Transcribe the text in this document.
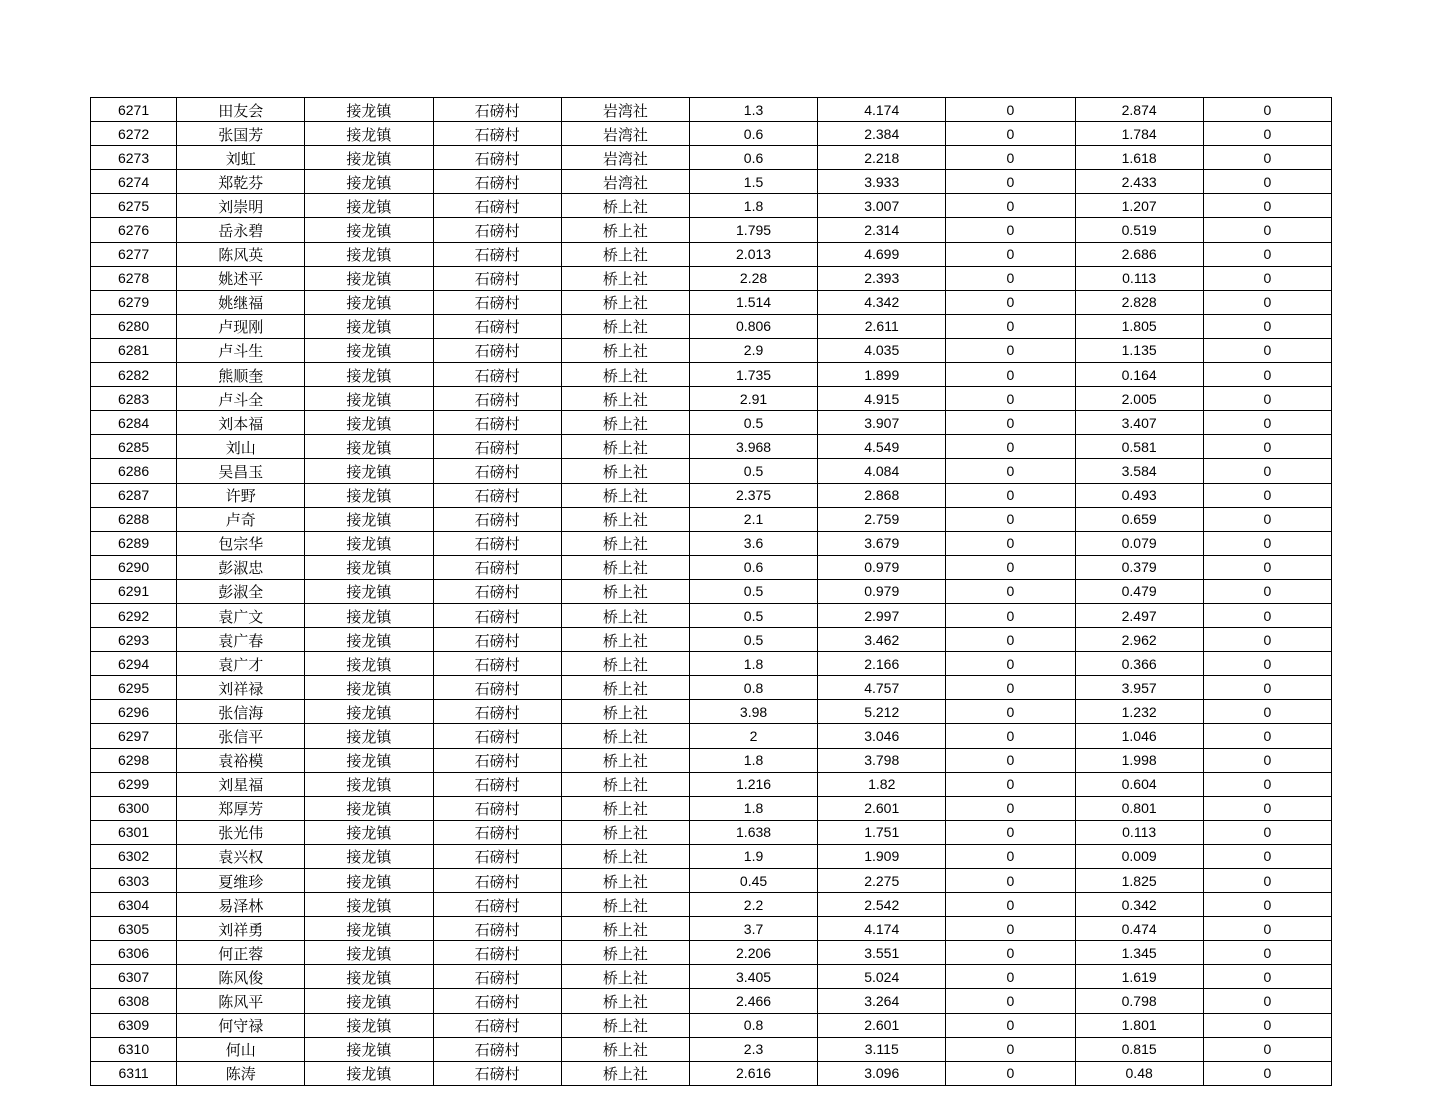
6271	田友会	接龙镇	石磅村	岩湾社	1.3	4.174	0	2.874	0
6272	张国芳	接龙镇	石磅村	岩湾社	0.6	2.384	0	1.784	0
6273	刘虹	接龙镇	石磅村	岩湾社	0.6	2.218	0	1.618	0
6274	郑乾芬	接龙镇	石磅村	岩湾社	1.5	3.933	0	2.433	0
6275	刘崇明	接龙镇	石磅村	桥上社	1.8	3.007	0	1.207	0
6276	岳永碧	接龙镇	石磅村	桥上社	1.795	2.314	0	0.519	0
6277	陈风英	接龙镇	石磅村	桥上社	2.013	4.699	0	2.686	0
6278	姚述平	接龙镇	石磅村	桥上社	2.28	2.393	0	0.113	0
6279	姚继福	接龙镇	石磅村	桥上社	1.514	4.342	0	2.828	0
6280	卢现刚	接龙镇	石磅村	桥上社	0.806	2.611	0	1.805	0
6281	卢斗生	接龙镇	石磅村	桥上社	2.9	4.035	0	1.135	0
6282	熊顺奎	接龙镇	石磅村	桥上社	1.735	1.899	0	0.164	0
6283	卢斗全	接龙镇	石磅村	桥上社	2.91	4.915	0	2.005	0
6284	刘本福	接龙镇	石磅村	桥上社	0.5	3.907	0	3.407	0
6285	刘山	接龙镇	石磅村	桥上社	3.968	4.549	0	0.581	0
6286	吴昌玉	接龙镇	石磅村	桥上社	0.5	4.084	0	3.584	0
6287	许野	接龙镇	石磅村	桥上社	2.375	2.868	0	0.493	0
6288	卢奇	接龙镇	石磅村	桥上社	2.1	2.759	0	0.659	0
6289	包宗华	接龙镇	石磅村	桥上社	3.6	3.679	0	0.079	0
6290	彭淑忠	接龙镇	石磅村	桥上社	0.6	0.979	0	0.379	0
6291	彭淑全	接龙镇	石磅村	桥上社	0.5	0.979	0	0.479	0
6292	袁广文	接龙镇	石磅村	桥上社	0.5	2.997	0	2.497	0
6293	袁广春	接龙镇	石磅村	桥上社	0.5	3.462	0	2.962	0
6294	袁广才	接龙镇	石磅村	桥上社	1.8	2.166	0	0.366	0
6295	刘祥禄	接龙镇	石磅村	桥上社	0.8	4.757	0	3.957	0
6296	张信海	接龙镇	石磅村	桥上社	3.98	5.212	0	1.232	0
6297	张信平	接龙镇	石磅村	桥上社	2	3.046	0	1.046	0
6298	袁裕模	接龙镇	石磅村	桥上社	1.8	3.798	0	1.998	0
6299	刘星福	接龙镇	石磅村	桥上社	1.216	1.82	0	0.604	0
6300	郑厚芳	接龙镇	石磅村	桥上社	1.8	2.601	0	0.801	0
6301	张光伟	接龙镇	石磅村	桥上社	1.638	1.751	0	0.113	0
6302	袁兴权	接龙镇	石磅村	桥上社	1.9	1.909	0	0.009	0
6303	夏维珍	接龙镇	石磅村	桥上社	0.45	2.275	0	1.825	0
6304	易泽林	接龙镇	石磅村	桥上社	2.2	2.542	0	0.342	0
6305	刘祥勇	接龙镇	石磅村	桥上社	3.7	4.174	0	0.474	0
6306	何正蓉	接龙镇	石磅村	桥上社	2.206	3.551	0	1.345	0
6307	陈风俊	接龙镇	石磅村	桥上社	3.405	5.024	0	1.619	0
6308	陈风平	接龙镇	石磅村	桥上社	2.466	3.264	0	0.798	0
6309	何守禄	接龙镇	石磅村	桥上社	0.8	2.601	0	1.801	0
6310	何山	接龙镇	石磅村	桥上社	2.3	3.115	0	0.815	0
6311	陈涛	接龙镇	石磅村	桥上社	2.616	3.096	0	0.48	0
